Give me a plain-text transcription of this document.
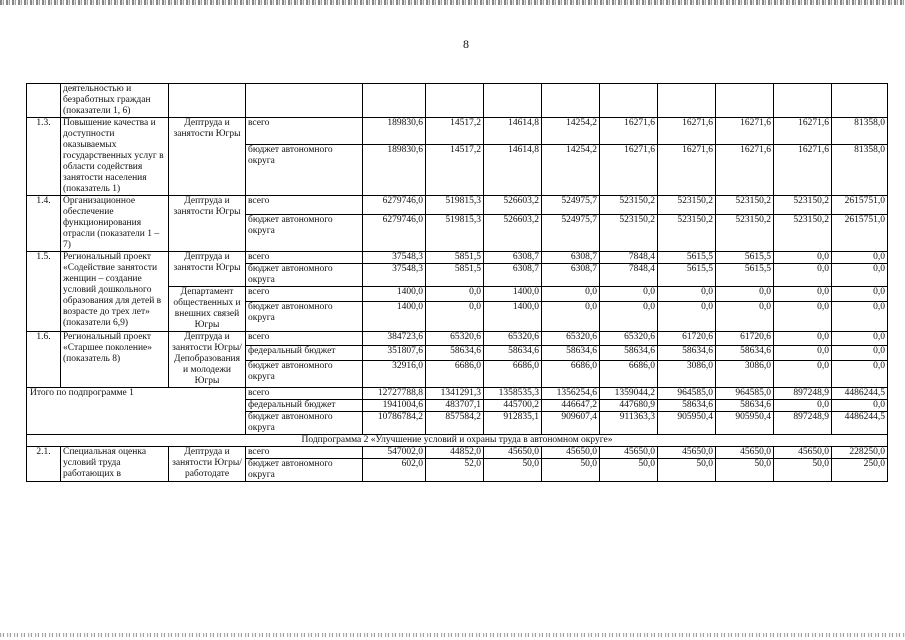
8
	деятельностью и безработных граждан (показатели 1, 6)											
1.3.	Повышение качества и доступности оказываемых государственных услуг в области содействия занятости населения (показатель 1)	Дептруда и занятости Югры	всего	189830,6	14517,2	14614,8	14254,2	16271,6	16271,6	16271,6	16271,6	81358,0
			бюджет автономного округа	189830,6	14517,2	14614,8	14254,2	16271,6	16271,6	16271,6	16271,6	81358,0
1.4.	Организационное обеспечение функционирования отрасли (показатели 1 – 7)	Дептруда и занятости Югры	всего	6279746,0	519815,3	526603,2	524975,7	523150,2	523150,2	523150,2	523150,2	2615751,0
			бюджет автономного округа	6279746,0	519815,3	526603,2	524975,7	523150,2	523150,2	523150,2	523150,2	2615751,0
1.5.	Региональный проект «Содействие занятости женщин – создание условий дошкольного образования для детей в возрасте до трех лет» (показатели 6,9)	Дептруда и занятости Югры	всего	37548,3	5851,5	6308,7	6308,7	7848,4	5615,5	5615,5	0,0	0,0
			бюджет автономного округа	37548,3	5851,5	6308,7	6308,7	7848,4	5615,5	5615,5	0,0	0,0
		Департамент общественных и внешних связей Югры	всего	1400,0	0,0	1400,0	0,0	0,0	0,0	0,0	0,0	0,0
			бюджет автономного округа	1400,0	0,0	1400,0	0,0	0,0	0,0	0,0	0,0	0,0
1.6.	Региональный проект «Старшее поколение» (показатель 8)	Дептруда и занятости Югры/Депобразования и молодежи Югры	всего	384723,6	65320,6	65320,6	65320,6	65320,6	61720,6	61720,6	0,0	0,0
			федеральный бюджет	351807,6	58634,6	58634,6	58634,6	58634,6	58634,6	58634,6	0,0	0,0
			бюджет автономного округа	32916,0	6686,0	6686,0	6686,0	6686,0	3086,0	3086,0	0,0	0,0
Итого по подпрограмме 1			всего	12727788,8	1341291,3	1358535,3	1356254,6	1359044,2	964585,0	964585,0	897248,9	4486244,5
			федеральный бюджет	1941004,6	483707,1	445700,2	446647,2	447680,9	58634,6	58634,6	0,0	0,0
			бюджет автономного округа	10786784,2	857584,2	912835,1	909607,4	911363,3	905950,4	905950,4	897248,9	4486244,5
Подпрограмма 2 «Улучшение условий и охраны труда в автономном округе»												
2.1.	Специальная оценка условий труда работающих в	Дептруда и занятости Югры/работодате	всего	547002,0	44852,0	45650,0	45650,0	45650,0	45650,0	45650,0	45650,0	228250,0
			бюджет автономного округа	602,0	52,0	50,0	50,0	50,0	50,0	50,0	50,0	250,0
